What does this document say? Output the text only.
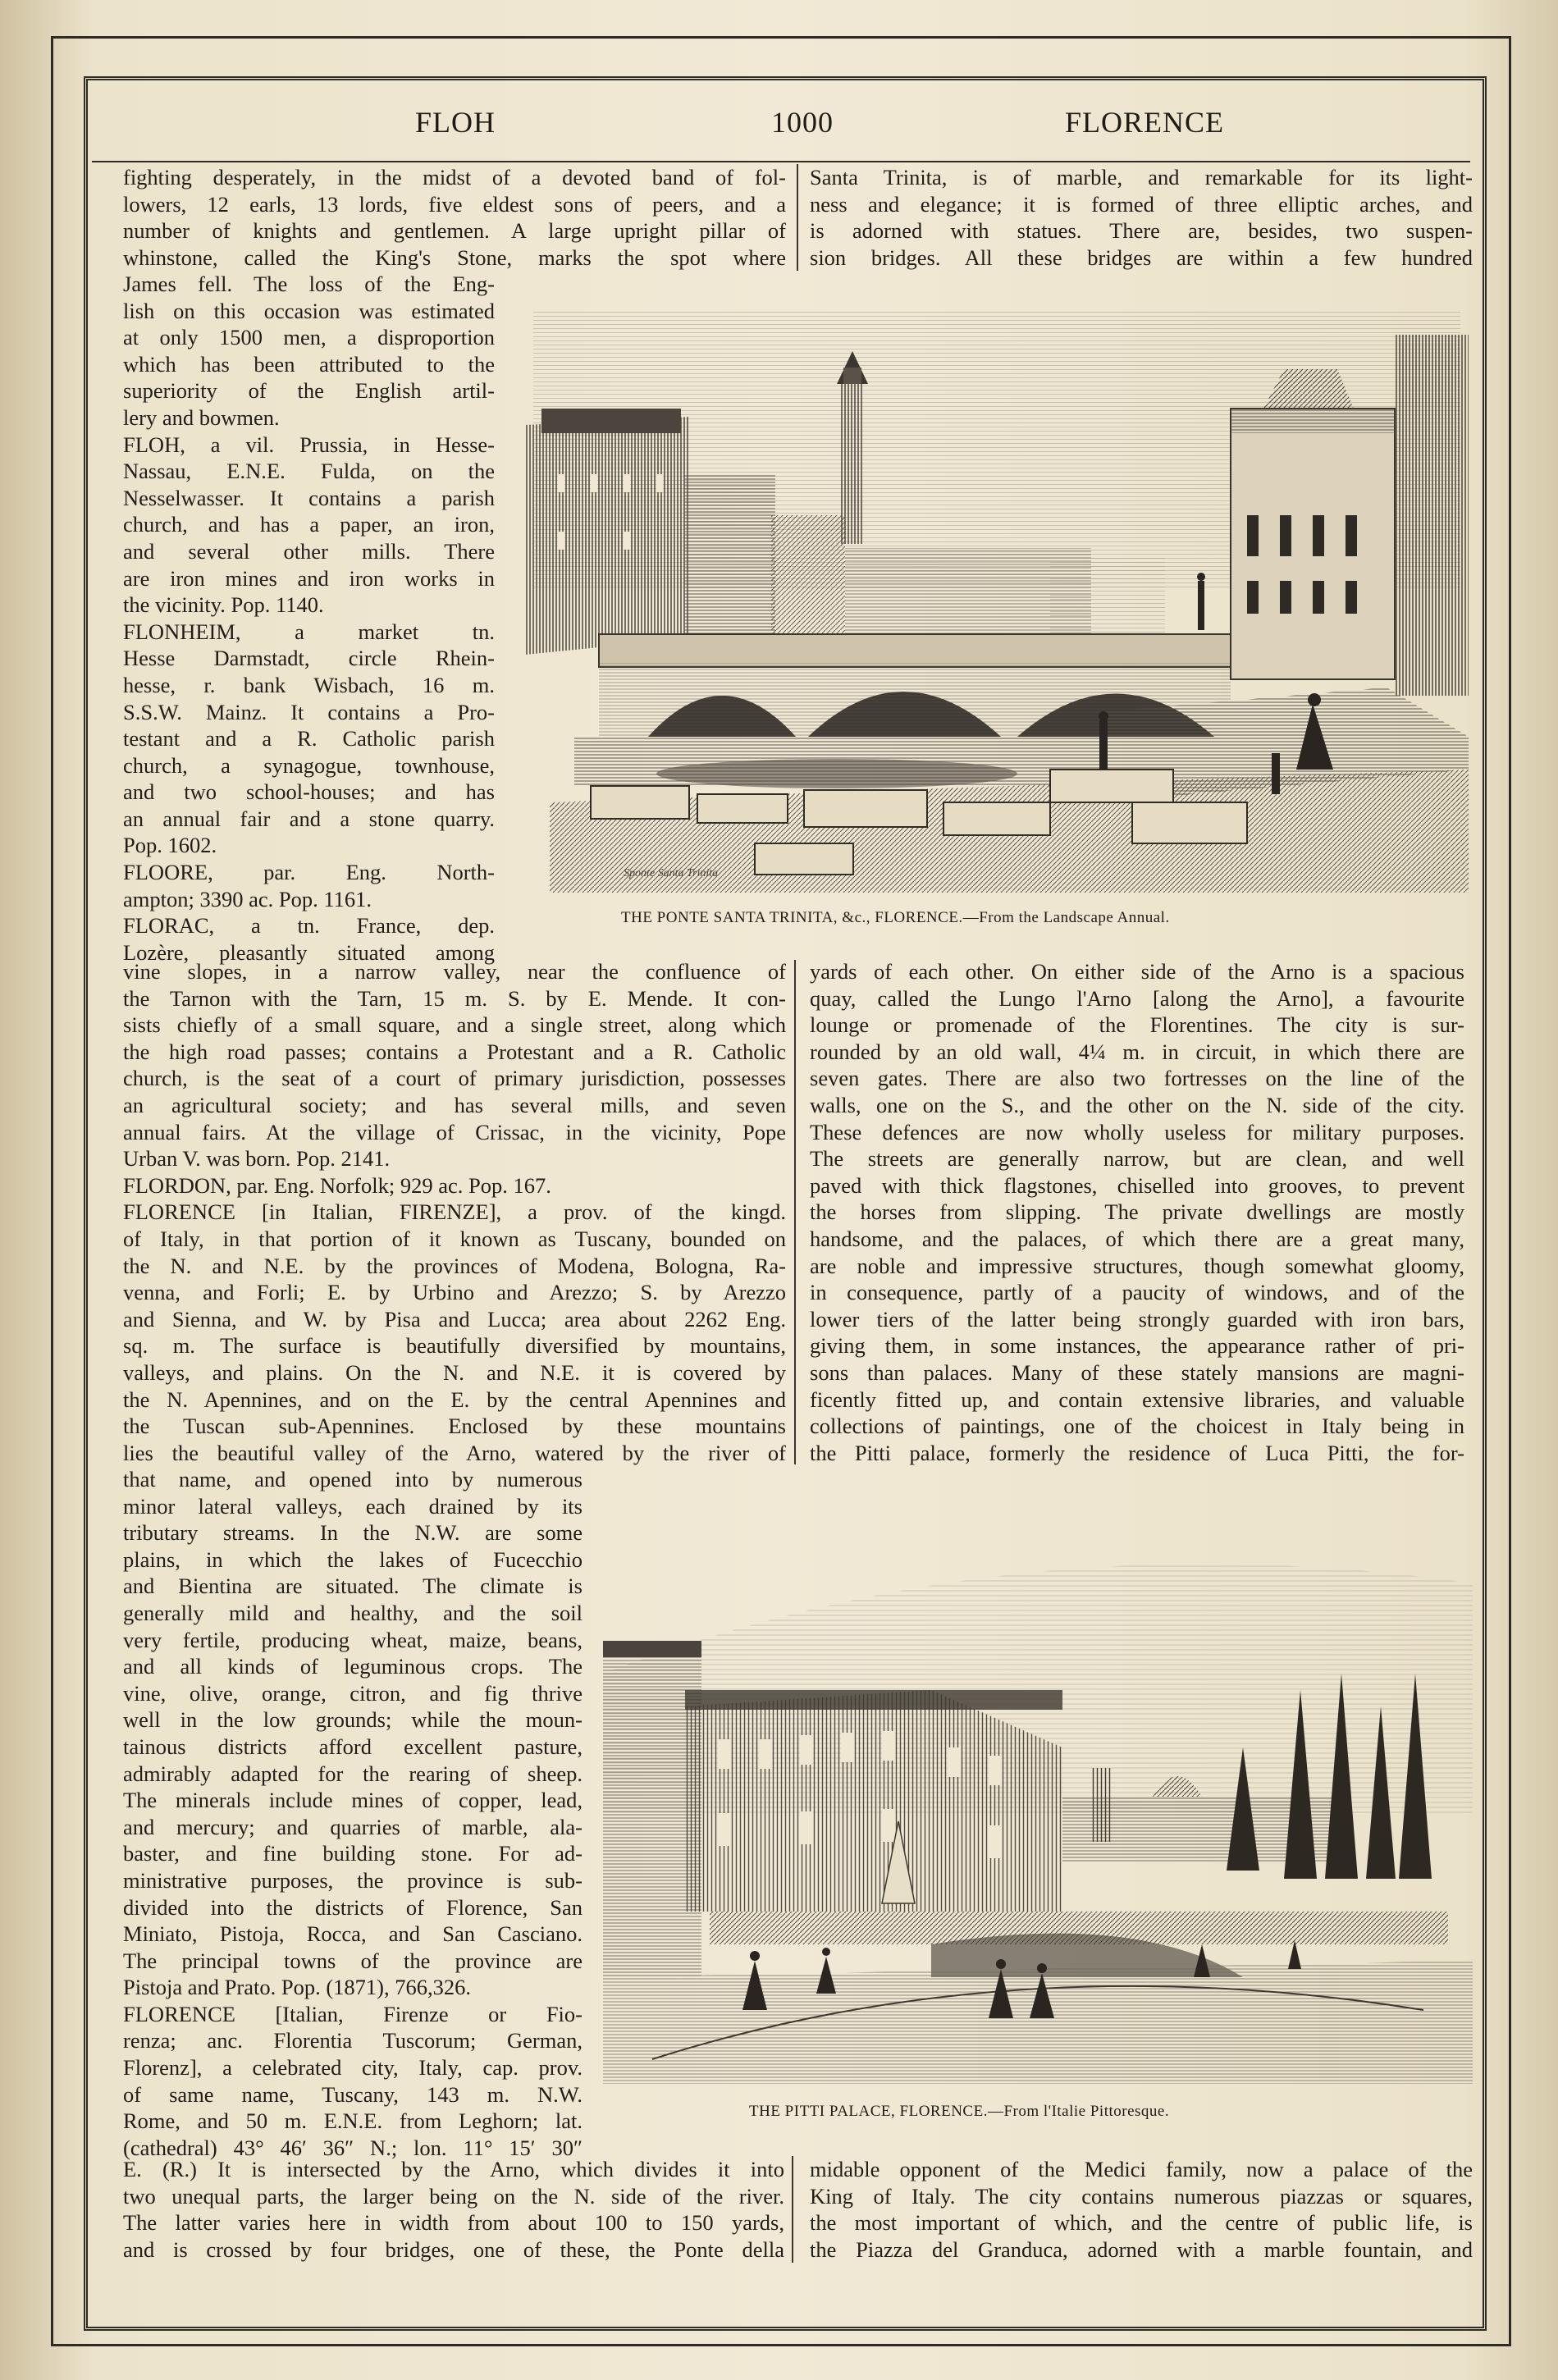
FLOH	1000	FLORENCE
fighting desperately, in the midst of a devoted band of fol-
lowers, 12 earls, 13 lords, five eldest sons of peers, and a
number of knights and gentlemen. A large upright pillar of
whinstone, called the King's Stone, marks the spot where
Santa Trinita, is of marble, and remarkable for its light-
ness and elegance; it is formed of three elliptic arches, and
is adorned with statues. There are, besides, two suspen-
sion bridges. All these bridges are within a few hundred
James fell. The loss of the Eng-
lish on this occasion was estimated
at only 1500 men, a disproportion
which has been attributed to the
superiority of the English artil-
lery and bowmen.
FLOH, a vil. Prussia, in Hesse-
Nassau, E.N.E. Fulda, on the
Nesselwasser. It contains a parish
church, and has a paper, an iron,
and several other mills. There
are iron mines and iron works in
the vicinity. Pop. 1140.
FLONHEIM, a market tn.
Hesse Darmstadt, circle Rhein-
hesse, r. bank Wisbach, 16 m.
S.S.W. Mainz. It contains a Pro-
testant and a R. Catholic parish
church, a synagogue, townhouse,
and two school-houses; and has
an annual fair and a stone quarry.
Pop. 1602.
FLOORE, par. Eng. North-
ampton; 3390 ac. Pop. 1161.
FLORAC, a tn. France, dep.
Lozère, pleasantly situated among
vine slopes, in a narrow valley, near the confluence of
the Tarnon with the Tarn, 15 m. S. by E. Mende. It con-
sists chiefly of a small square, and a single street, along which
the high road passes; contains a Protestant and a R. Catholic
church, is the seat of a court of primary jurisdiction, possesses
an agricultural society; and has several mills, and seven
annual fairs. At the village of Crissac, in the vicinity, Pope
Urban V. was born. Pop. 2141.
FLORDON, par. Eng. Norfolk; 929 ac. Pop. 167.
FLORENCE [in Italian, FIRENZE], a prov. of the kingd.
of Italy, in that portion of it known as Tuscany, bounded on
the N. and N.E. by the provinces of Modena, Bologna, Ra-
venna, and Forli; E. by Urbino and Arezzo; S. by Arezzo
and Sienna, and W. by Pisa and Lucca; area about 2262 Eng.
sq. m. The surface is beautifully diversified by mountains,
valleys, and plains. On the N. and N.E. it is covered by
the N. Apennines, and on the E. by the central Apennines and
the Tuscan sub-Apennines. Enclosed by these mountains
lies the beautiful valley of the Arno, watered by the river of
yards of each other. On either side of the Arno is a spacious
quay, called the Lungo l'Arno [along the Arno], a favourite
lounge or promenade of the Florentines. The city is sur-
rounded by an old wall, 4¼ m. in circuit, in which there are
seven gates. There are also two fortresses on the line of the
walls, one on the S., and the other on the N. side of the city.
These defences are now wholly useless for military purposes.
The streets are generally narrow, but are clean, and well
paved with thick flagstones, chiselled into grooves, to prevent
the horses from slipping. The private dwellings are mostly
handsome, and the palaces, of which there are a great many,
are noble and impressive structures, though somewhat gloomy,
in consequence, partly of a paucity of windows, and of the
lower tiers of the latter being strongly guarded with iron bars,
giving them, in some instances, the appearance rather of pri-
sons than palaces. Many of these stately mansions are magni-
ficently fitted up, and contain extensive libraries, and valuable
collections of paintings, one of the choicest in Italy being in
the Pitti palace, formerly the residence of Luca Pitti, the for-
that name, and opened into by numerous
minor lateral valleys, each drained by its
tributary streams. In the N.W. are some
plains, in which the lakes of Fucecchio
and Bientina are situated. The climate is
generally mild and healthy, and the soil
very fertile, producing wheat, maize, beans,
and all kinds of leguminous crops. The
vine, olive, orange, citron, and fig thrive
well in the low grounds; while the moun-
tainous districts afford excellent pasture,
admirably adapted for the rearing of sheep.
The minerals include mines of copper, lead,
and mercury; and quarries of marble, ala-
baster, and fine building stone. For ad-
ministrative purposes, the province is sub-
divided into the districts of Florence, San
Miniato, Pistoja, Rocca, and San Casciano.
The principal towns of the province are
Pistoja and Prato. Pop. (1871), 766,326.
FLORENCE [Italian, Firenze or Fio-
renza; anc. Florentia Tuscorum; German,
Florenz], a celebrated city, Italy, cap. prov.
of same name, Tuscany, 143 m. N.W.
Rome, and 50 m. E.N.E. from Leghorn; lat.
(cathedral) 43° 46′ 36″ N.; lon. 11° 15′ 30″
E. (R.) It is intersected by the Arno, which divides it into
two unequal parts, the larger being on the N. side of the river.
The latter varies here in width from about 100 to 150 yards,
and is crossed by four bridges, one of these, the Ponte della
midable opponent of the Medici family, now a palace of the
King of Italy. The city contains numerous piazzas or squares,
the most important of which, and the centre of public life, is
the Piazza del Granduca, adorned with a marble fountain, and
Sponte Santa Trinita
THE PONTE SANTA TRINITA, &c., FLORENCE.—From the Landscape Annual.
THE PITTI PALACE, FLORENCE.—From l'Italie Pittoresque.
